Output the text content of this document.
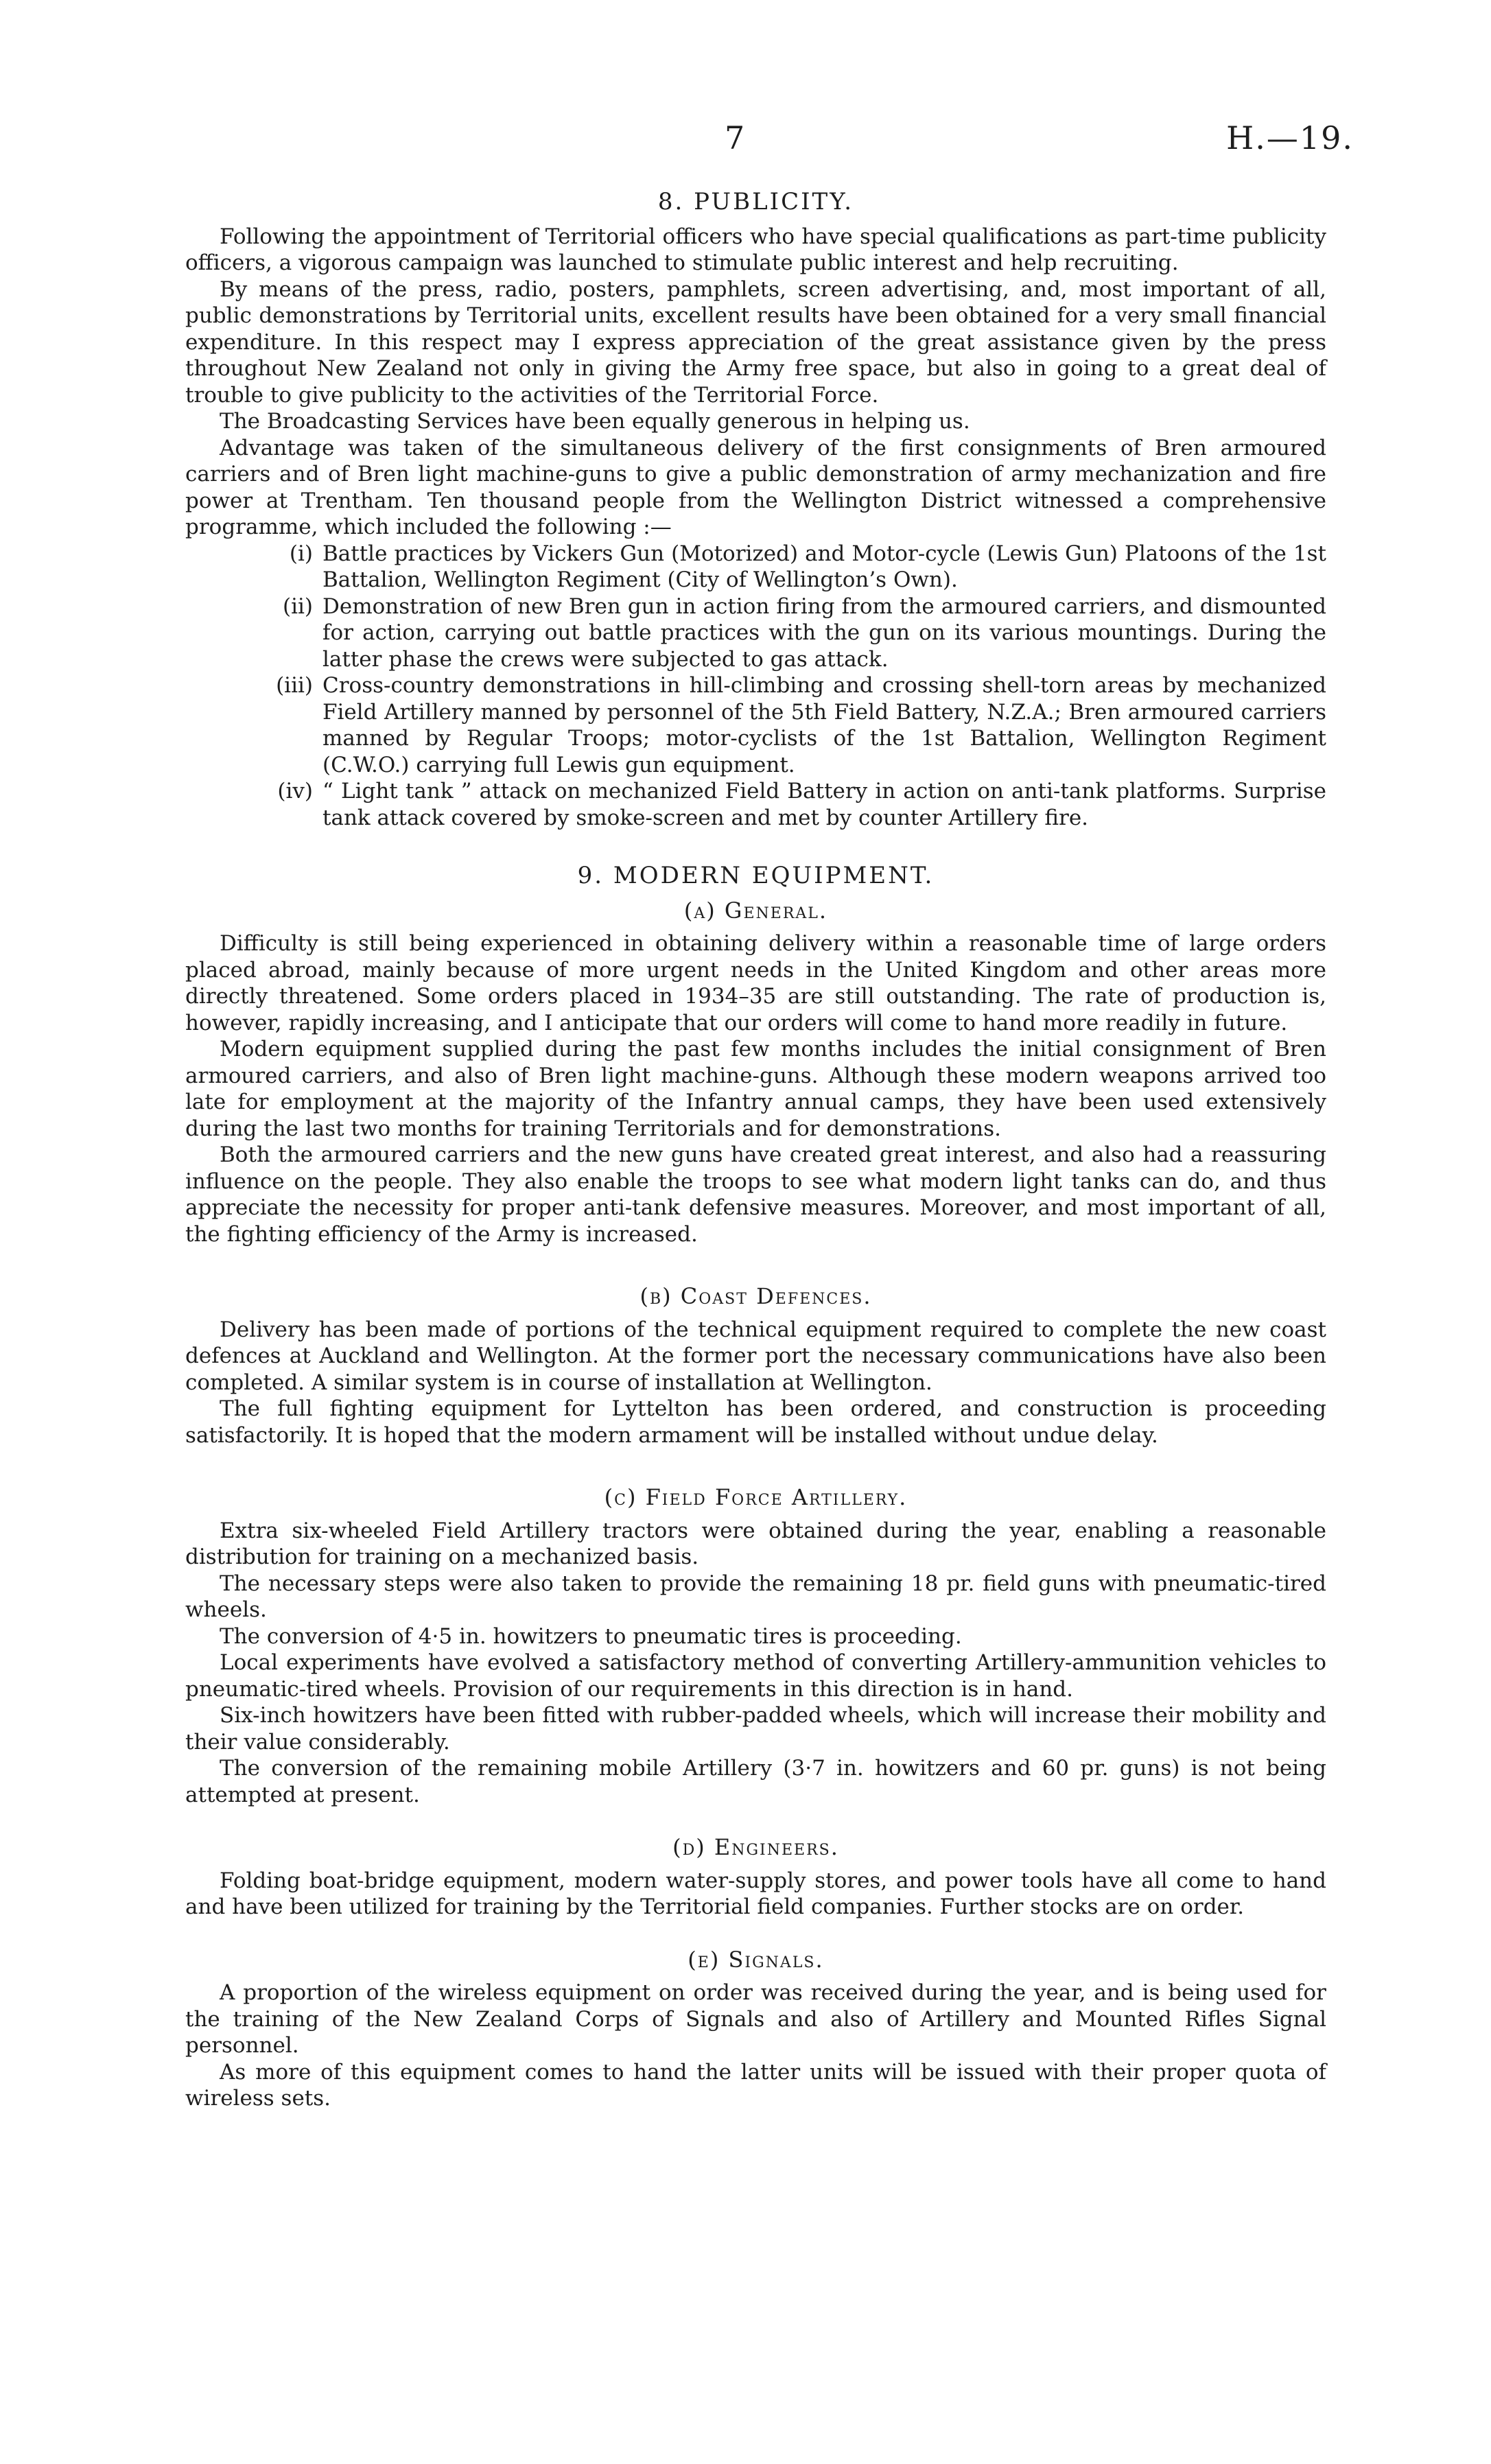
7	H.—19.
8. PUBLICITY.

Following the appointment of Territorial officers who have special qualifications as part-time publicity officers, a vigorous campaign was launched to stimulate public interest and help recruiting.

By means of the press, radio, posters, pamphlets, screen advertising, and, most important of all, public demonstrations by Territorial units, excellent results have been obtained for a very small financial expenditure. In this respect may I express appreciation of the great assistance given by the press throughout New Zealand not only in giving the Army free space, but also in going to a great deal of trouble to give publicity to the activities of the Territorial Force.

The Broadcasting Services have been equally generous in helping us.

Advantage was taken of the simultaneous delivery of the first consignments of Bren armoured carriers and of Bren light machine-guns to give a public demonstration of army mechanization and fire power at Trentham. Ten thousand people from the Wellington District witnessed a comprehensive programme, which included the following :—

(i) Battle practices by Vickers Gun (Motorized) and Motor-cycle (Lewis Gun) Platoons of the 1st Battalion, Wellington Regiment (City of Wellington’s Own).
(ii) Demonstration of new Bren gun in action firing from the armoured carriers, and dismounted for action, carrying out battle practices with the gun on its various mountings. During the latter phase the crews were subjected to gas attack.
(iii) Cross-country demonstrations in hill-climbing and crossing shell-torn areas by mechanized Field Artillery manned by personnel of the 5th Field Battery, N.Z.A.; Bren armoured carriers manned by Regular Troops; motor-cyclists of the 1st Battalion, Wellington Regiment (C.W.O.) carrying full Lewis gun equipment.
(iv) “ Light tank ” attack on mechanized Field Battery in action on anti-tank platforms. Surprise tank attack covered by smoke-screen and met by counter Artillery fire.
9. MODERN EQUIPMENT.
(a) General.

Difficulty is still being experienced in obtaining delivery within a reasonable time of large orders placed abroad, mainly because of more urgent needs in the United Kingdom and other areas more directly threatened. Some orders placed in 1934–35 are still outstanding. The rate of production is, however, rapidly increasing, and I anticipate that our orders will come to hand more readily in future.

Modern equipment supplied during the past few months includes the initial consignment of Bren armoured carriers, and also of Bren light machine-guns. Although these modern weapons arrived too late for employment at the majority of the Infantry annual camps, they have been used extensively during the last two months for training Territorials and for demonstrations.

Both the armoured carriers and the new guns have created great interest, and also had a reassuring influence on the people. They also enable the troops to see what modern light tanks can do, and thus appreciate the necessity for proper anti-tank defensive measures. Moreover, and most important of all, the fighting efficiency of the Army is increased.

(b) Coast Defences.

Delivery has been made of portions of the technical equipment required to complete the new coast defences at Auckland and Wellington. At the former port the necessary communications have also been completed. A similar system is in course of installation at Wellington.

The full fighting equipment for Lyttelton has been ordered, and construction is proceeding satisfactorily. It is hoped that the modern armament will be installed without undue delay.

(c) Field Force Artillery.

Extra six-wheeled Field Artillery tractors were obtained during the year, enabling a reasonable distribution for training on a mechanized basis.

The necessary steps were also taken to provide the remaining 18 pr. field guns with pneumatic-tired wheels.

The conversion of 4·5 in. howitzers to pneumatic tires is proceeding.

Local experiments have evolved a satisfactory method of converting Artillery-ammunition vehicles to pneumatic-tired wheels. Provision of our requirements in this direction is in hand.

Six-inch howitzers have been fitted with rubber-padded wheels, which will increase their mobility and their value considerably.

The conversion of the remaining mobile Artillery (3·7 in. howitzers and 60 pr. guns) is not being attempted at present.

(d) Engineers.

Folding boat-bridge equipment, modern water-supply stores, and power tools have all come to hand and have been utilized for training by the Territorial field companies. Further stocks are on order.

(e) Signals.

A proportion of the wireless equipment on order was received during the year, and is being used for the training of the New Zealand Corps of Signals and also of Artillery and Mounted Rifles Signal personnel.

As more of this equipment comes to hand the latter units will be issued with their proper quota of wireless sets.
